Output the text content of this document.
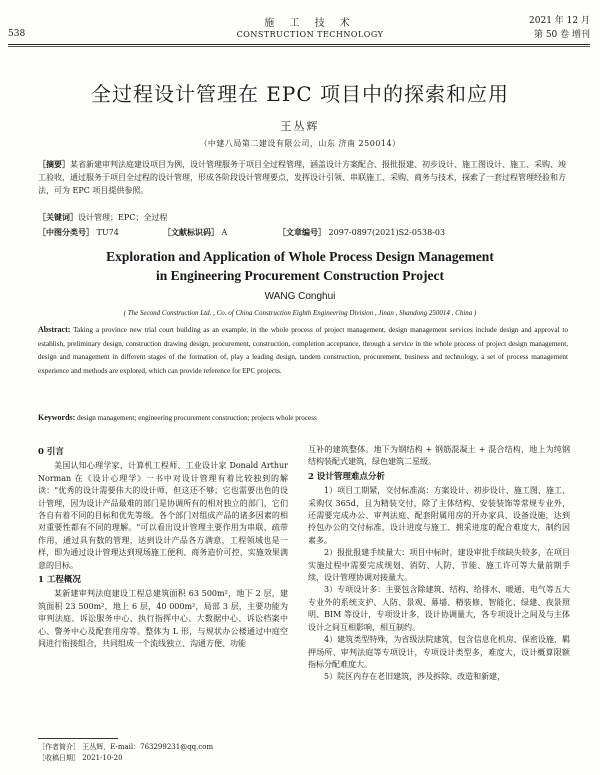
538
施 工 技 术
CONSTRUCTION TECHNOLOGY
2021 年 12 月
第 50 卷 增刊
全过程设计管理在 EPC 项目中的探索和应用
王丛辉
（中建八局第二建设有限公司，山东 济南 250014）
［摘要］某省新建审判法庭建设项目为例，设计管理服务于项目全过程管理，涵盖设计方案配合、报批报建、初步设计、施工图设计、施工、采购、竣工验收，通过服务于项目全过程的设计管理，形成各阶段设计管理要点，发挥设计引领、串联施工、采购、商务与技术，探索了一套过程管理经验和方法，可为 EPC 项目提供参照。
［关键词］设计管理；EPC；全过程
［中图分类号］ TU74	［文献标识码］ A	［文章编号］ 2097-0897(2021)S2-0538-03
Exploration and Application of Whole Process Design Management
in Engineering Procurement Construction Project
WANG Conghui
( The Second Construction Ltd. , Co. of China Construction Eighth Engineering Division , Jinan , Shandong 250014 , China )
Abstract: Taking a province new trial court building as an example, in the whole process of project management, design management services include design and approval to establish, preliminary design, construction drawing design, procurement, construction, completion acceptance, through a service in the whole process of project design management, design and management in different stages of the formation of, play a leading design, tandem construction, procurement, business and technology, a set of process management experience and methods are explored, which can provide reference for EPC projects.
Keywords: design management; engineering procurement construction; projects whole process
0 引言

美国认知心理学家、计算机工程师、工业设计家 Donald Arthur Norman 在《设计心理学》一书中对设计管理有着比较独到的解读："优秀的设计需要伟大的设计师，但这还不够；它也需要出色的设计管理，因为设计产品最难的部门是协调所有的相对独立的部门，它们各自有着不同的目标和优先等级。各个部门对组成产品的诸多因素的相对重要性都有不同的理解。"可以看出设计管理主要作用为串联、疏带作用，通过具有数的管理，达到设计产品各方满意，工程领域也是一样，即为通过设计管理达到现场施工便利、商务造价可控、实施效果满意的目标。

1 工程概况

某新建审判法庭建设工程总建筑面积 63 500m²，地下 2 层，建筑面积 23 500m²，地上 6 层，40 000m²，局部 3 层，主要功能为审判法庭、诉讼服务中心、执行指挥中心、大数据中心、诉讼档案中心、警务中心及配套用房等。整体为 L 形，与规状办公楼通过中庭空间进行衔接组合，共同组成一个流线独立、沟通方便、功能

互补的建筑整体。地下为钢结构 + 钢筋混凝土 + 混合结构，地上为纯钢结构装配式建筑，绿色建筑二星级。

2 设计管理难点分析

1）项目工期紧，交付标准高：方案设计、初步设计、施工图、施工、采购仅 365d，且为精装交付，除了主体结构、安装装饰等常规专业外，还需要完成办公、审判法庭、配套附属用房的开办家具、设备设施，达到拎包办公的交付标准，设计进度与施工、拥采进度的配合难度大，制约因素多。

2）报批报建手续量大：项目中标时，建设审批手续缺失较多，在项目实施过程中需要完成规划、消防、人防、节能、施工许可等大量前期手续，设计管理协调对接量大。

3）专项设计多：主要包含除建筑、结构、给排水、暖通、电气等五大专业外的系统支护、人防、景观、幕墙、精装修、智能化、绿建、夜景照明、BIM 等设计，专项设计多，设计协调量大，各专项设计之间及与主体设计之间互相影响，相互制约。

4）建筑类型特殊，为省级法院建筑，包含信息化机房、保密设施、羁押场所、审判法庭等专项设计，专项设计类型多，难度大，设计概算限额指标分配难度大。

5）院区内存在老旧建筑，涉及拆除、改造和新建，

［作者简介］ 王丛辉，E-mail：763299231@qq.com
［收稿日期］ 2021-10-20
